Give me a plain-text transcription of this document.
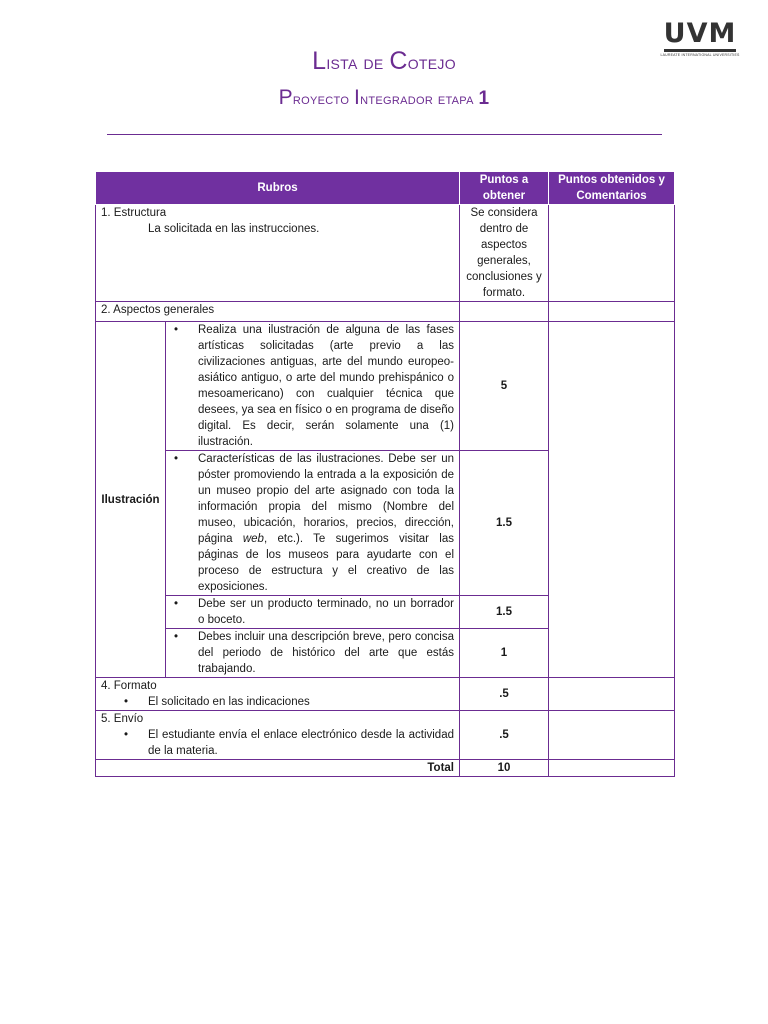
UVM
LAUREATE INTERNATIONAL UNIVERSITIES
Lista de Cotejo
Proyecto Integrador etapa 1
Rubros		Puntos a obtener	Puntos obtenidos y Comentarios

1. Estructura
La solicitada en las instrucciones.		Se considera dentro de aspectos generales, conclusiones y formato.	
2. Aspectos generales			
Ilustración	• Realiza una ilustración de alguna de las fases artísticas solicitadas (arte previo a las civilizaciones antiguas, arte del mundo europeo-asiático antiguo, o arte del mundo prehispánico o mesoamericano) con cualquier técnica que desees, ya sea en físico o en programa de diseño digital. Es decir, serán solamente una (1) ilustración.	5	

	• Características de las ilustraciones. Debe ser un póster promoviendo la entrada a la exposición de un museo propio del arte asignado con toda la información propia del mismo (Nombre del museo, ubicación, horarios, precios, dirección, página web, etc.). Te sugerimos visitar las páginas de los museos para ayudarte con el proceso de estructura y el creativo de las exposiciones.	1.5	

	• Debe ser un producto terminado, no un borrador o boceto.	1.5	

	• Debes incluir una descripción breve, pero concisa del periodo de histórico del arte que estás trabajando.	1	

4. Formato
• El solicitado en las indicaciones		.5	

5. Envío
• El estudiante envía el enlace electrónico desde la actividad de la materia.		.5	
Total		10	
